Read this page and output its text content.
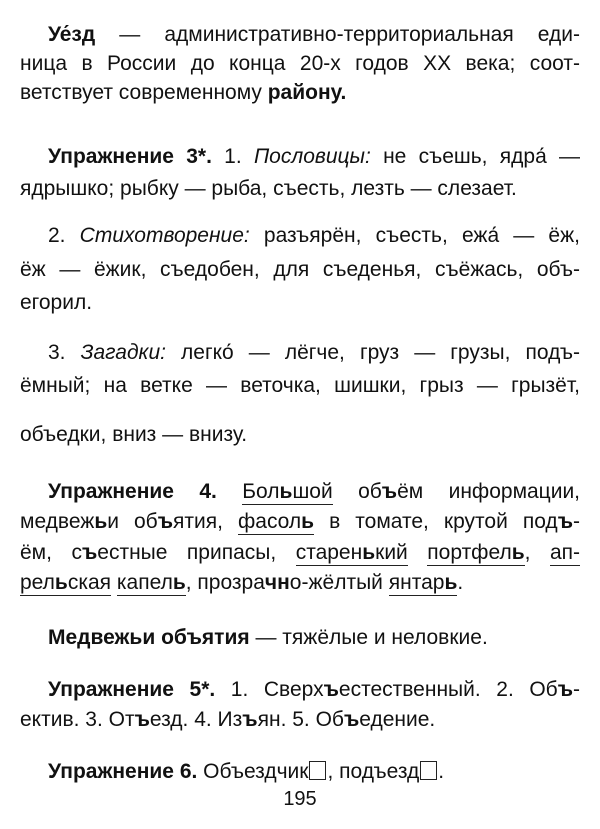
Уе́зд — административно-территориальная еди-
ница в России до конца 20-х годов XX века; соот-
ветствует современному району.
Упражнение 3*. 1. Пословицы: не съешь, ядра́ —
ядрышко; рыбку — рыба, съесть, лезть — слезает.
2. Стихотворение: разъярён, съесть, ежа́ — ёж,
ёж — ёжик, съедобен, для съеденья, съёжась, объ-
егорил.
3. Загадки: легко́ — лёгче, груз — грузы, подъ-
ёмный; на ветке — веточка, шишки, грыз — грызёт,
объедки, вниз — внизу.
Упражнение 4. Большой объём информации,
медвежьи объятия, фасоль в томате, крутой подъ-
ём, съестные припасы, старенький портфель, ап-
рельская капель, прозрачно-жёлтый янтарь.
Медвежьи объятия — тяжёлые и неловкие.
Упражнение 5*. 1. Сверхъестественный. 2. Объ-
ектив. 3. Отъезд. 4. Изъян. 5. Объедение.
Упражнение 6. Объездчик , подъезд .
195
